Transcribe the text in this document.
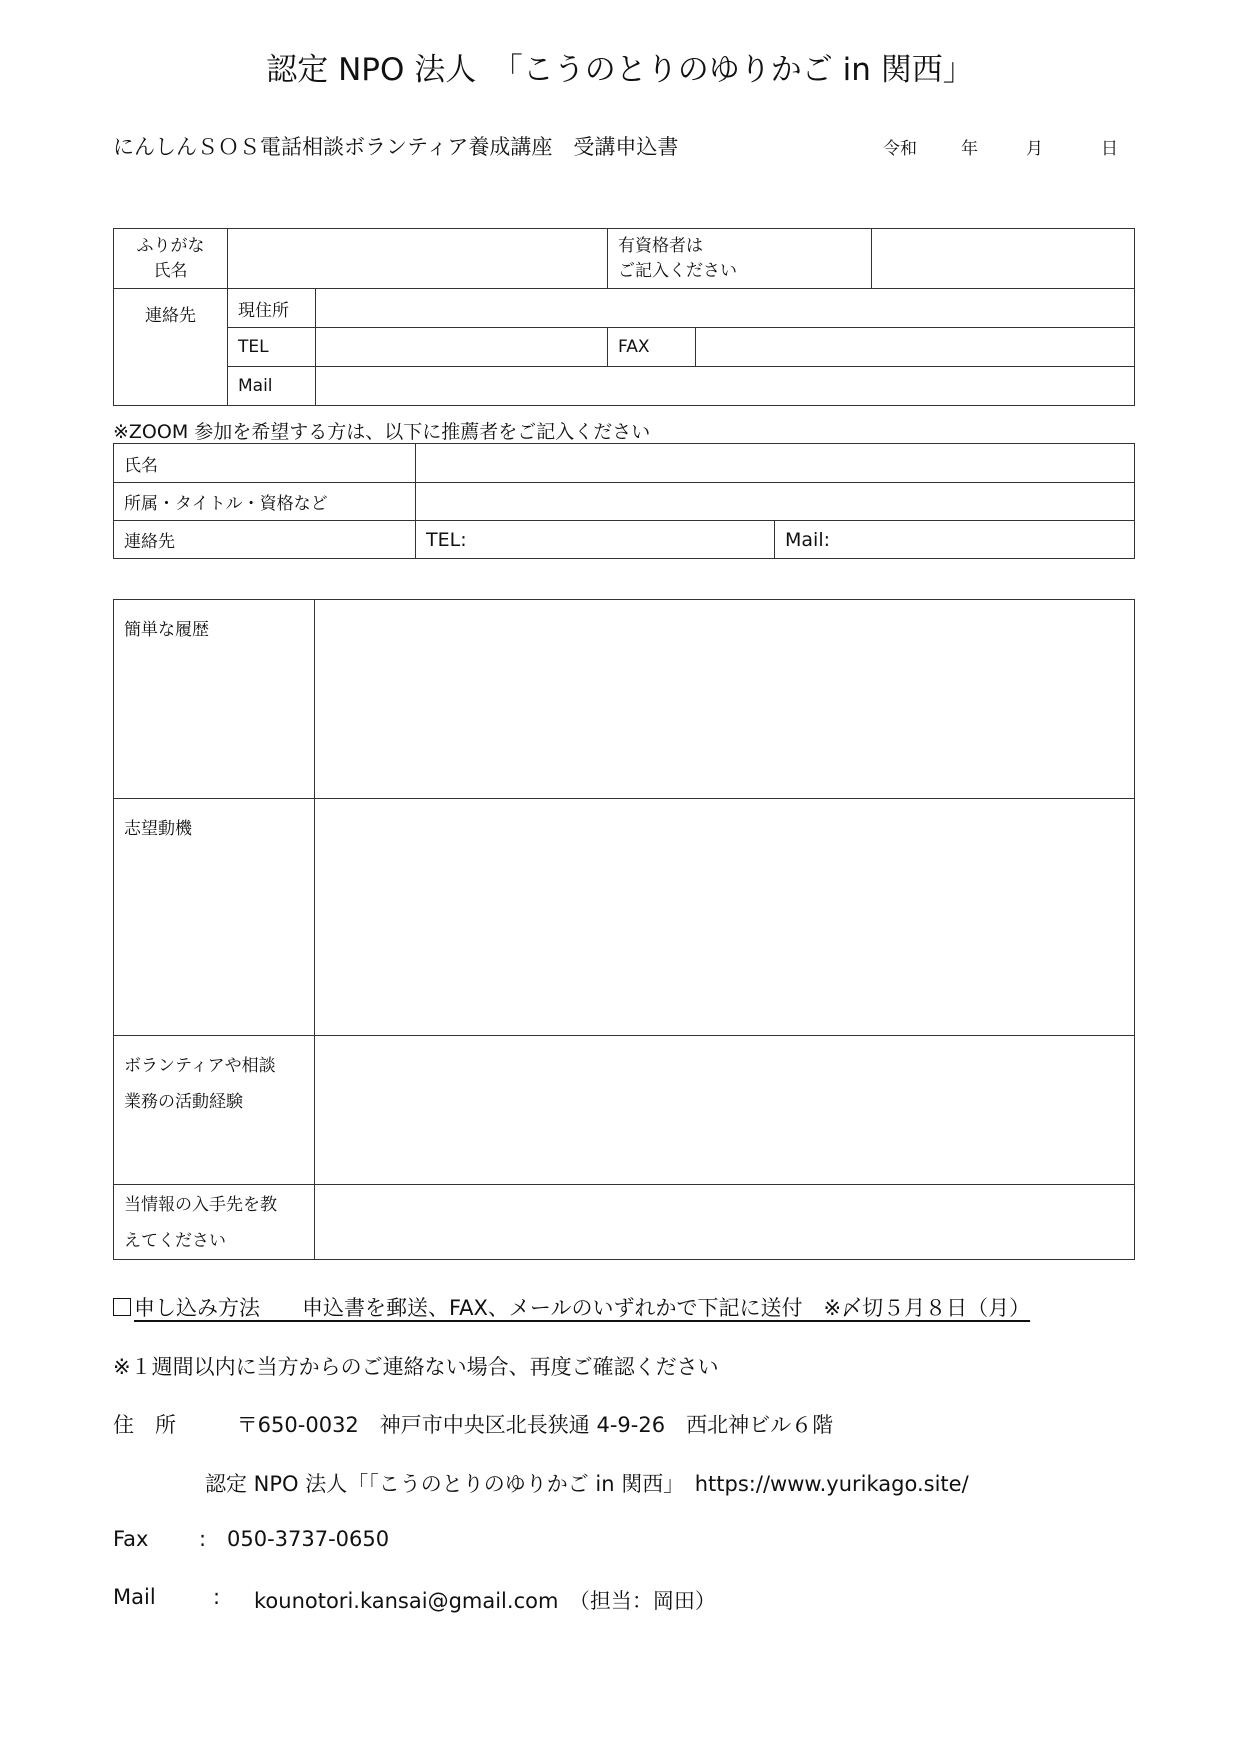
認定 NPO 法人　「こうのとりのゆりかご in 関西」
にんしんＳＯＳ電話相談ボランティア養成講座　受講申込書	令和	年	月	日
ふりがな
氏名			有資格者は
ご記入ください		
連絡先	現住所				
	TEL		FAX		
	Mail				
※ZOOM 参加を希望する方は、以下に推薦者をご記入ください
氏名		
所属・タイトル・資格など		
連絡先	TEL:	Mail:
簡単な履歴	
志望動機	
ボランティアや相談
業務の活動経験	
当情報の入手先を教
えてください	
申し込み方法　　申込書を郵送、FAX、メールのいずれかで下記に送付　※〆切５月８日（月）
※１週間以内に当方からのご連絡ない場合、再度ご確認ください
住　所	〒650-0032　神戸市中央区北長狭通 4-9-26　西北神ビル６階
認定 NPO 法人「「こうのとりのゆりかご in 関西」　https://www.yurikago.site/
Fax : 050-3737-0650
Mail	: kounotori.kansai@gmail.com　（担当：岡田）
